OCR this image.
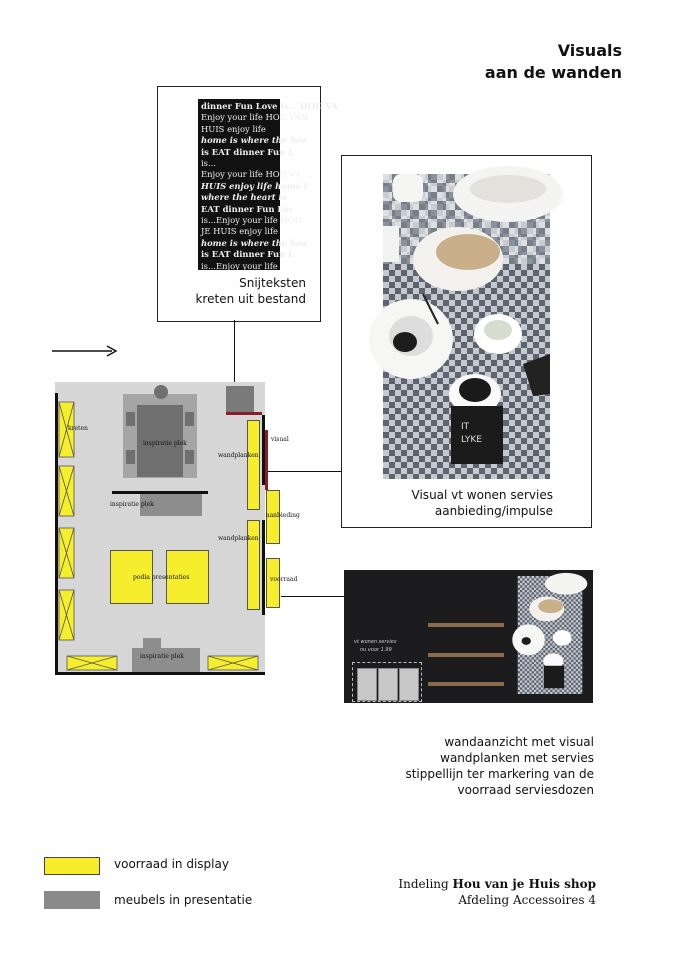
Visuals
aan de wanden
dinner Fun Love is... HOU VA
Enjoy your life HOU VAN
HUIS enjoy life
home is where the hea
is EAT dinner Fun L
is...
Enjoy your life HOU VA
HUIS enjoy life home i
where the heart is
EAT dinner Fun Lov
is...Enjoy your life HOU
JE HUIS enjoy life
home is where the hea
is EAT dinner Fun L
is...Enjoy your life
Snijteksten
kreten uit bestand
IT
LYKE
Visual vt wonen servies
aanbieding/impulse
kreten
inspiratie plek
inspiratie plek
inspiratie plek
wandplanken
wandplanken
visual
aanbieding
voorraad
podia presentaties
vt wonen servies
nu voor 1.99
wandaanzicht met visual
wandplanken met servies
stippellijn ter markering van de
voorraad serviesdozen
voorraad in display
meubels in presentatie
Indeling Hou van je Huis shop
Afdeling Accessoires 4
